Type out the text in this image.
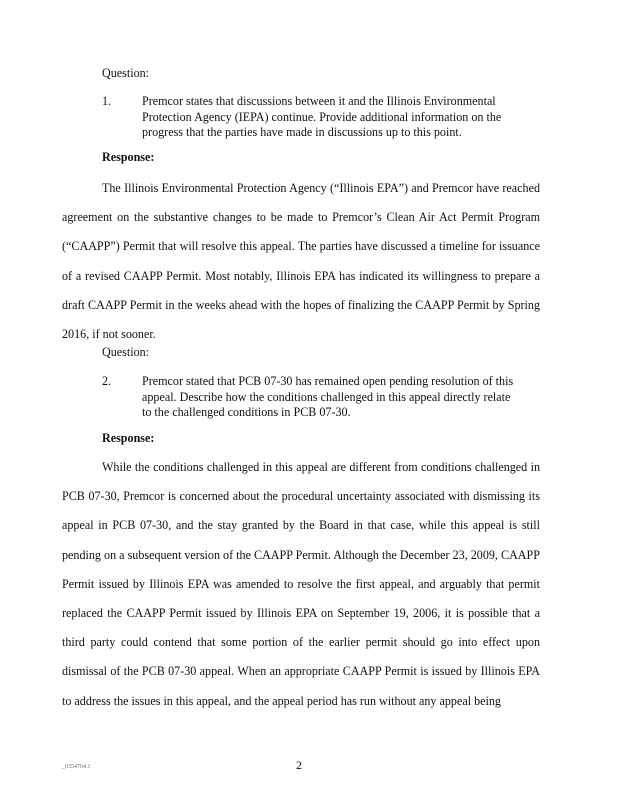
Question:
1.	Premcor states that discussions between it and the Illinois Environmental Protection Agency (IEPA) continue. Provide additional information on the progress that the parties have made in discussions up to this point.
Response:
The Illinois Environmental Protection Agency (“Illinois EPA”) and Premcor have reached agreement on the substantive changes to be made to Premcor’s Clean Air Act Permit Program (“CAAPP”) Permit that will resolve this appeal. The parties have discussed a timeline for issuance of a revised CAAPP Permit. Most notably, Illinois EPA has indicated its willingness to prepare a draft CAAPP Permit in the weeks ahead with the hopes of finalizing the CAAPP Permit by Spring 2016, if not sooner.
Question:
2.	Premcor stated that PCB 07-30 has remained open pending resolution of this appeal. Describe how the conditions challenged in this appeal directly relate to the challenged conditions in PCB 07-30.
Response:
While the conditions challenged in this appeal are different from conditions challenged in PCB 07-30, Premcor is concerned about the procedural uncertainty associated with dismissing its appeal in PCB 07-30, and the stay granted by the Board in that case, while this appeal is still pending on a subsequent version of the CAAPP Permit. Although the December 23, 2009, CAAPP Permit issued by Illinois EPA was amended to resolve the first appeal, and arguably that permit replaced the CAAPP Permit issued by Illinois EPA on September 19, 2006, it is possible that a third party could contend that some portion of the earlier permit should go into effect upon dismissal of the PCB 07-30 appeal. When an appropriate CAAPP Permit is issued by Illinois EPA to address the issues in this appeal, and the appeal period has run without any appeal being
_0354764.1	2
